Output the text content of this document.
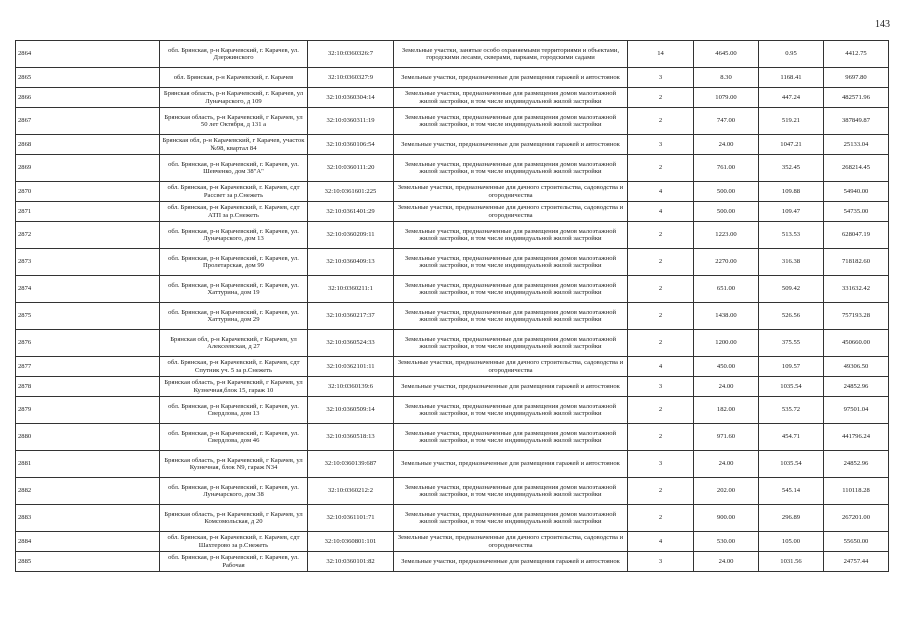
143
2864	обл. Брянская, р-н Карачевский, г. Карачев, ул. Дзержинского	32:10:0360326:7	Земельные участки, занятые особо охраняемыми территориями и объектами, городскими лесами, скверами, парками, городскими садами	14	4645.00	0.95	4412.75
2865	обл. Брянская, р-н Карачевский, г. Карачев	32:10:0360327:9	Земельные участки, предназначенные для размещения гаражей и автостоянок	3	8.30	1168.41	9697.80
2866	Брянская область, р-н Карачевский, г. Карачев, ул Луначарского, д 109	32:10:0360304:14	Земельные участки, предназначенные для размещения домов малоэтажной жилой застройки, в том числе индивидуальной жилой застройки	2	1079.00	447.24	482571.96
2867	Брянская область, р-н Карачевский, г Карачев, ул 50 лет Октября, д 131 а	32:10:0360311:19	Земельные участки, предназначенные для размещения домов малоэтажной жилой застройки, в том числе индивидуальной жилой застройки	2	747.00	519.21	387849.87
2868	Брянская обл, р-н Карачевский, г Карачев, участок №98, квартал 84	32:10:0360106:54	Земельные участки, предназначенные для размещения гаражей и автостоянок	3	24.00	1047.21	25133.04
2869	обл. Брянская, р-н Карачевский, г. Карачев, ул. Шевченко, дом 38"А"	32:10:0360111:20	Земельные участки, предназначенные для размещения домов малоэтажной жилой застройки, в том числе индивидуальной жилой застройки	2	761.00	352.45	268214.45
2870	обл. Брянская, р-н Карачевский, г. Карачев, сдт Рассвет за р.Снежеть	32:10:0361601:225	Земельные участки, предназначенные для дачного строительства, садоводства и огородничества	4	500.00	109.88	54940.00
2871	обл. Брянская, р-н Карачевский, г. Карачев, сдт АТП за р.Снежеть	32:10:0361401:29	Земельные участки, предназначенные для дачного строительства, садоводства и огородничества	4	500.00	109.47	54735.00
2872	обл. Брянская, р-н Карачевский, г. Карачев, ул. Луначарского, дом 13	32:10:0360209:11	Земельные участки, предназначенные для размещения домов малоэтажной жилой застройки, в том числе индивидуальной жилой застройки	2	1223.00	513.53	628047.19
2873	обл. Брянская, р-н Карачевский, г. Карачев, ул. Пролетарская, дом 99	32:10:0360409:13	Земельные участки, предназначенные для размещения домов малоэтажной жилой застройки, в том числе индивидуальной жилой застройки	2	2270.00	316.38	718182.60
2874	обл. Брянская, р-н Карачевский, г. Карачев, ул. Хаттурина, дом 19	32:10:0360211:1	Земельные участки, предназначенные для размещения домов малоэтажной жилой застройки, в том числе индивидуальной жилой застройки	2	651.00	509.42	331632.42
2875	обл. Брянская, р-н Карачевский, г. Карачев, ул. Хаттурина, дом 29	32:10:0360217:37	Земельные участки, предназначенные для размещения домов малоэтажной жилой застройки, в том числе индивидуальной жилой застройки	2	1438.00	526.56	757193.28
2876	Брянская обл, р-н Карачевский, г Карачев, ул Алексеевская, д 27	32:10:0360524:33	Земельные участки, предназначенные для размещения домов малоэтажной жилой застройки, в том числе индивидуальной жилой застройки	2	1200.00	375.55	450660.00
2877	обл. Брянская, р-н Карачевский, г. Карачев, сдт Спутник уч. 5 за р.Снежеть	32:10:0362101:11	Земельные участки, предназначенные для дачного строительства, садоводства и огородничества	4	450.00	109.57	49306.50
2878	Брянская область, р-н Карачевский, г Карачев, ул Кузнечная,блок 15, гараж 10	32:10:0360139:6	Земельные участки, предназначенные для размещения гаражей и автостоянок	3	24.00	1035.54	24852.96
2879	обл. Брянская, р-н Карачевский, г. Карачев, ул. Свердлова, дом 13	32:10:0360509:14	Земельные участки, предназначенные для размещения домов малоэтажной жилой застройки, в том числе индивидуальной жилой застройки	2	182.00	535.72	97501.04
2880	обл. Брянская, р-н Карачевский, г. Карачев, ул. Свердлова, дом 46	32:10:0360518:13	Земельные участки, предназначенные для размещения домов малоэтажной жилой застройки, в том числе индивидуальной жилой застройки	2	971.60	454.71	441796.24
2881	Брянская область, р-н Карачевский, г Карачев, ул Кузнечная, блок N9, гараж N34	32:10:0360139:687	Земельные участки, предназначенные для размещения гаражей и автостоянок	3	24.00	1035.54	24852.96
2882	обл. Брянская, р-н Карачевский, г. Карачев, ул. Луначарского, дом 38	32:10:0360212:2	Земельные участки, предназначенные для размещения домов малоэтажной жилой застройки, в том числе индивидуальной жилой застройки	2	202.00	545.14	110118.28
2883	Брянская область, р-н Карачевский, г Карачев, ул Комсомольская, д 20	32:10:0361101:71	Земельные участки, предназначенные для размещения домов малоэтажной жилой застройки, в том числе индивидуальной жилой застройки	2	900.00	296.89	267201.00
2884	обл. Брянская, р-н Карачевский, г. Карачев, сдт Шахтерово за р.Снежеть	32:10:0360801:101	Земельные участки, предназначенные для дачного строительства, садоводства и огородничества	4	530.00	105.00	55650.00
2885	обл. Брянская, р-н Карачевский, г. Карачев, ул. Рабочая	32:10:0360101:82	Земельные участки, предназначенные для размещения гаражей и автостоянок	3	24.00	1031.56	24757.44
